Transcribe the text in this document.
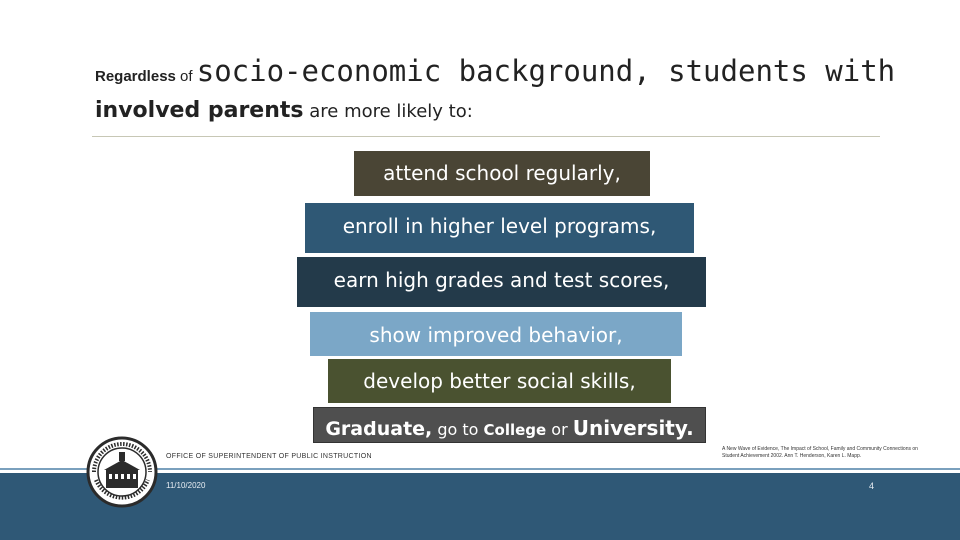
Regardless of socio-economic background, students with
involved parents are more likely to:
attend school regularly,
enroll in higher level programs,
earn high grades and test scores,
show improved behavior,
develop better social skills,
Graduate, go to College or University.
OFFICE OF SUPERINTENDENT OF PUBLIC INSTRUCTION
A New Wave of Evidence, The Impact of School, Family and Community Connections on Student Achievement 2002. Ann T. Henderson, Karen L. Mapp.
11/10/2020	4
